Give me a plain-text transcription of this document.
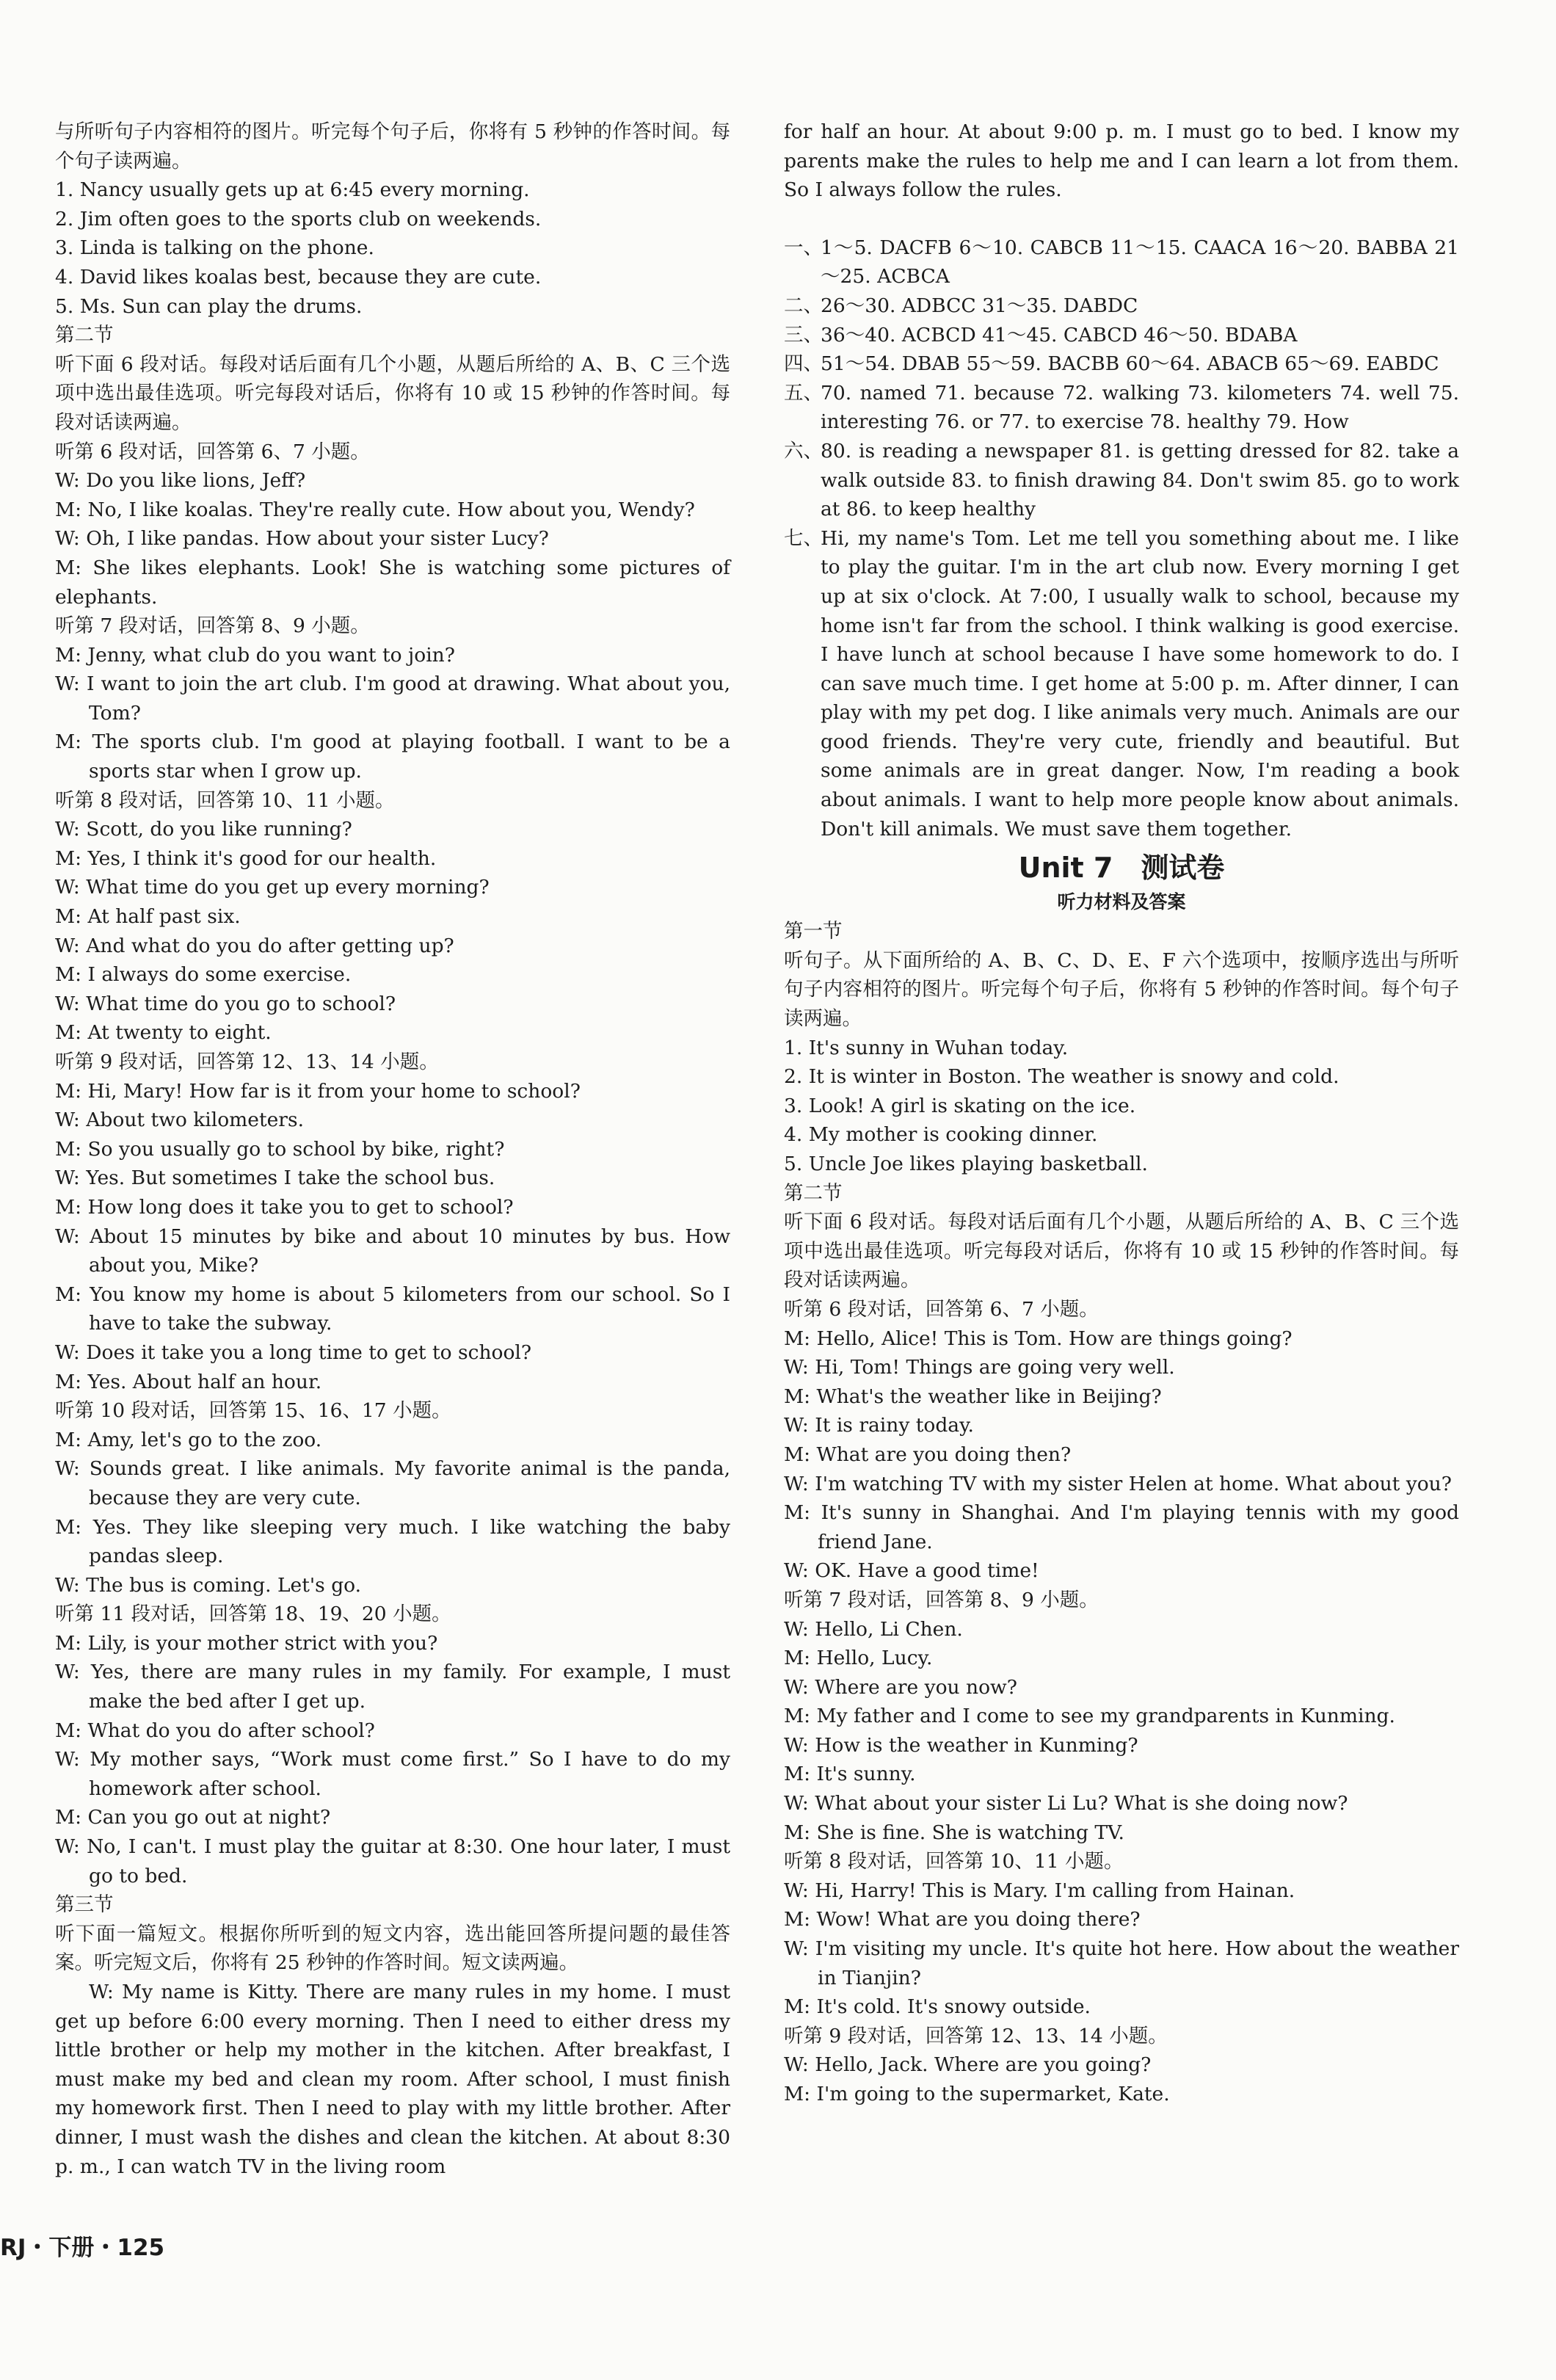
与所听句子内容相符的图片。听完每个句子后，你将有 5 秒钟的作答时间。每个句子读两遍。

1. Nancy usually gets up at 6:45 every morning.

2. Jim often goes to the sports club on weekends.

3. Linda is talking on the phone.

4. David likes koalas best, because they are cute.

5. Ms. Sun can play the drums.

第二节

听下面 6 段对话。每段对话后面有几个小题，从题后所给的 A、B、C 三个选项中选出最佳选项。听完每段对话后，你将有 10 或 15 秒钟的作答时间。每段对话读两遍。

听第 6 段对话，回答第 6、7 小题。

W: Do you like lions, Jeff?

M: No, I like koalas. They're really cute. How about you, Wendy?

W: Oh, I like pandas. How about your sister Lucy?

M: She likes elephants. Look! She is watching some pictures of elephants.

听第 7 段对话，回答第 8、9 小题。

M: Jenny, what club do you want to join?

W: I want to join the art club. I'm good at drawing. What about you, Tom?

M: The sports club. I'm good at playing football. I want to be a sports star when I grow up.

听第 8 段对话，回答第 10、11 小题。

W: Scott, do you like running?

M: Yes, I think it's good for our health.

W: What time do you get up every morning?

M: At half past six.

W: And what do you do after getting up?

M: I always do some exercise.

W: What time do you go to school?

M: At twenty to eight.

听第 9 段对话，回答第 12、13、14 小题。

M: Hi, Mary! How far is it from your home to school?

W: About two kilometers.

M: So you usually go to school by bike, right?

W: Yes. But sometimes I take the school bus.

M: How long does it take you to get to school?

W: About 15 minutes by bike and about 10 minutes by bus. How about you, Mike?

M: You know my home is about 5 kilometers from our school. So I have to take the subway.

W: Does it take you a long time to get to school?

M: Yes. About half an hour.

听第 10 段对话，回答第 15、16、17 小题。

M: Amy, let's go to the zoo.

W: Sounds great. I like animals. My favorite animal is the panda, because they are very cute.

M: Yes. They like sleeping very much. I like watching the baby pandas sleep.

W: The bus is coming. Let's go.

听第 11 段对话，回答第 18、19、20 小题。

M: Lily, is your mother strict with you?

W: Yes, there are many rules in my family. For example, I must make the bed after I get up.

M: What do you do after school?

W: My mother says, “Work must come first.” So I have to do my homework after school.

M: Can you go out at night?

W: No, I can't. I must play the guitar at 8:30. One hour later, I must go to bed.

第三节

听下面一篇短文。根据你所听到的短文内容，选出能回答所提问题的最佳答案。听完短文后，你将有 25 秒钟的作答时间。短文读两遍。

W: My name is Kitty. There are many rules in my home. I must get up before 6:00 every morning. Then I need to either dress my little brother or help my mother in the kitchen. After breakfast, I must make my bed and clean my room. After school, I must finish my homework first. Then I need to play with my little brother. After dinner, I must wash the dishes and clean the kitchen. At about 8:30 p. m., I can watch TV in the living room

for half an hour. At about 9:00 p. m. I must go to bed. I know my parents make the rules to help me and I can learn a lot from them. So I always follow the rules.

一、
1～5. DACFB 6～10. CABCB 11～15. CAACA 16～20. BABBA 21～25. ACBCA
二、
26～30. ADBCC 31～35. DABDC
三、
36～40. ACBCD 41～45. CABCD 46～50. BDABA
四、
51～54. DBAB 55～59. BACBB 60～64. ABACB 65～69. EABDC
五、
70. named 71. because 72. walking 73. kilometers 74. well 75. interesting 76. or 77. to exercise 78. healthy 79. How
六、
80. is reading a newspaper 81. is getting dressed for 82. take a walk outside 83. to finish drawing 84. Don't swim 85. go to work at 86. to keep healthy
七、
Hi, my name's Tom. Let me tell you something about me. I like to play the guitar. I'm in the art club now. Every morning I get up at six o'clock. At 7:00, I usually walk to school, because my home isn't far from the school. I think walking is good exercise. I have lunch at school because I have some homework to do. I can save much time. I get home at 5:00 p. m. After dinner, I can play with my pet dog. I like animals very much. Animals are our good friends. They're very cute, friendly and beautiful. But some animals are in great danger. Now, I'm reading a book about animals. I want to help more people know about animals. Don't kill animals. We must save them together.
Unit 7　测试卷
听力材料及答案

第一节

听句子。从下面所给的 A、B、C、D、E、F 六个选项中，按顺序选出与所听句子内容相符的图片。听完每个句子后，你将有 5 秒钟的作答时间。每个句子读两遍。

1. It's sunny in Wuhan today.

2. It is winter in Boston. The weather is snowy and cold.

3. Look! A girl is skating on the ice.

4. My mother is cooking dinner.

5. Uncle Joe likes playing basketball.

第二节

听下面 6 段对话。每段对话后面有几个小题，从题后所给的 A、B、C 三个选项中选出最佳选项。听完每段对话后，你将有 10 或 15 秒钟的作答时间。每段对话读两遍。

听第 6 段对话，回答第 6、7 小题。

M: Hello, Alice! This is Tom. How are things going?

W: Hi, Tom! Things are going very well.

M: What's the weather like in Beijing?

W: It is rainy today.

M: What are you doing then?

W: I'm watching TV with my sister Helen at home. What about you?

M: It's sunny in Shanghai. And I'm playing tennis with my good friend Jane.

W: OK. Have a good time!

听第 7 段对话，回答第 8、9 小题。

W: Hello, Li Chen.

M: Hello, Lucy.

W: Where are you now?

M: My father and I come to see my grandparents in Kunming.

W: How is the weather in Kunming?

M: It's sunny.

W: What about your sister Li Lu? What is she doing now?

M: She is fine. She is watching TV.

听第 8 段对话，回答第 10、11 小题。

W: Hi, Harry! This is Mary. I'm calling from Hainan.

M: Wow! What are you doing there?

W: I'm visiting my uncle. It's quite hot here. How about the weather in Tianjin?

M: It's cold. It's snowy outside.

听第 9 段对话，回答第 12、13、14 小题。

W: Hello, Jack. Where are you going?

M: I'm going to the supermarket, Kate.

RJ・下册・125
